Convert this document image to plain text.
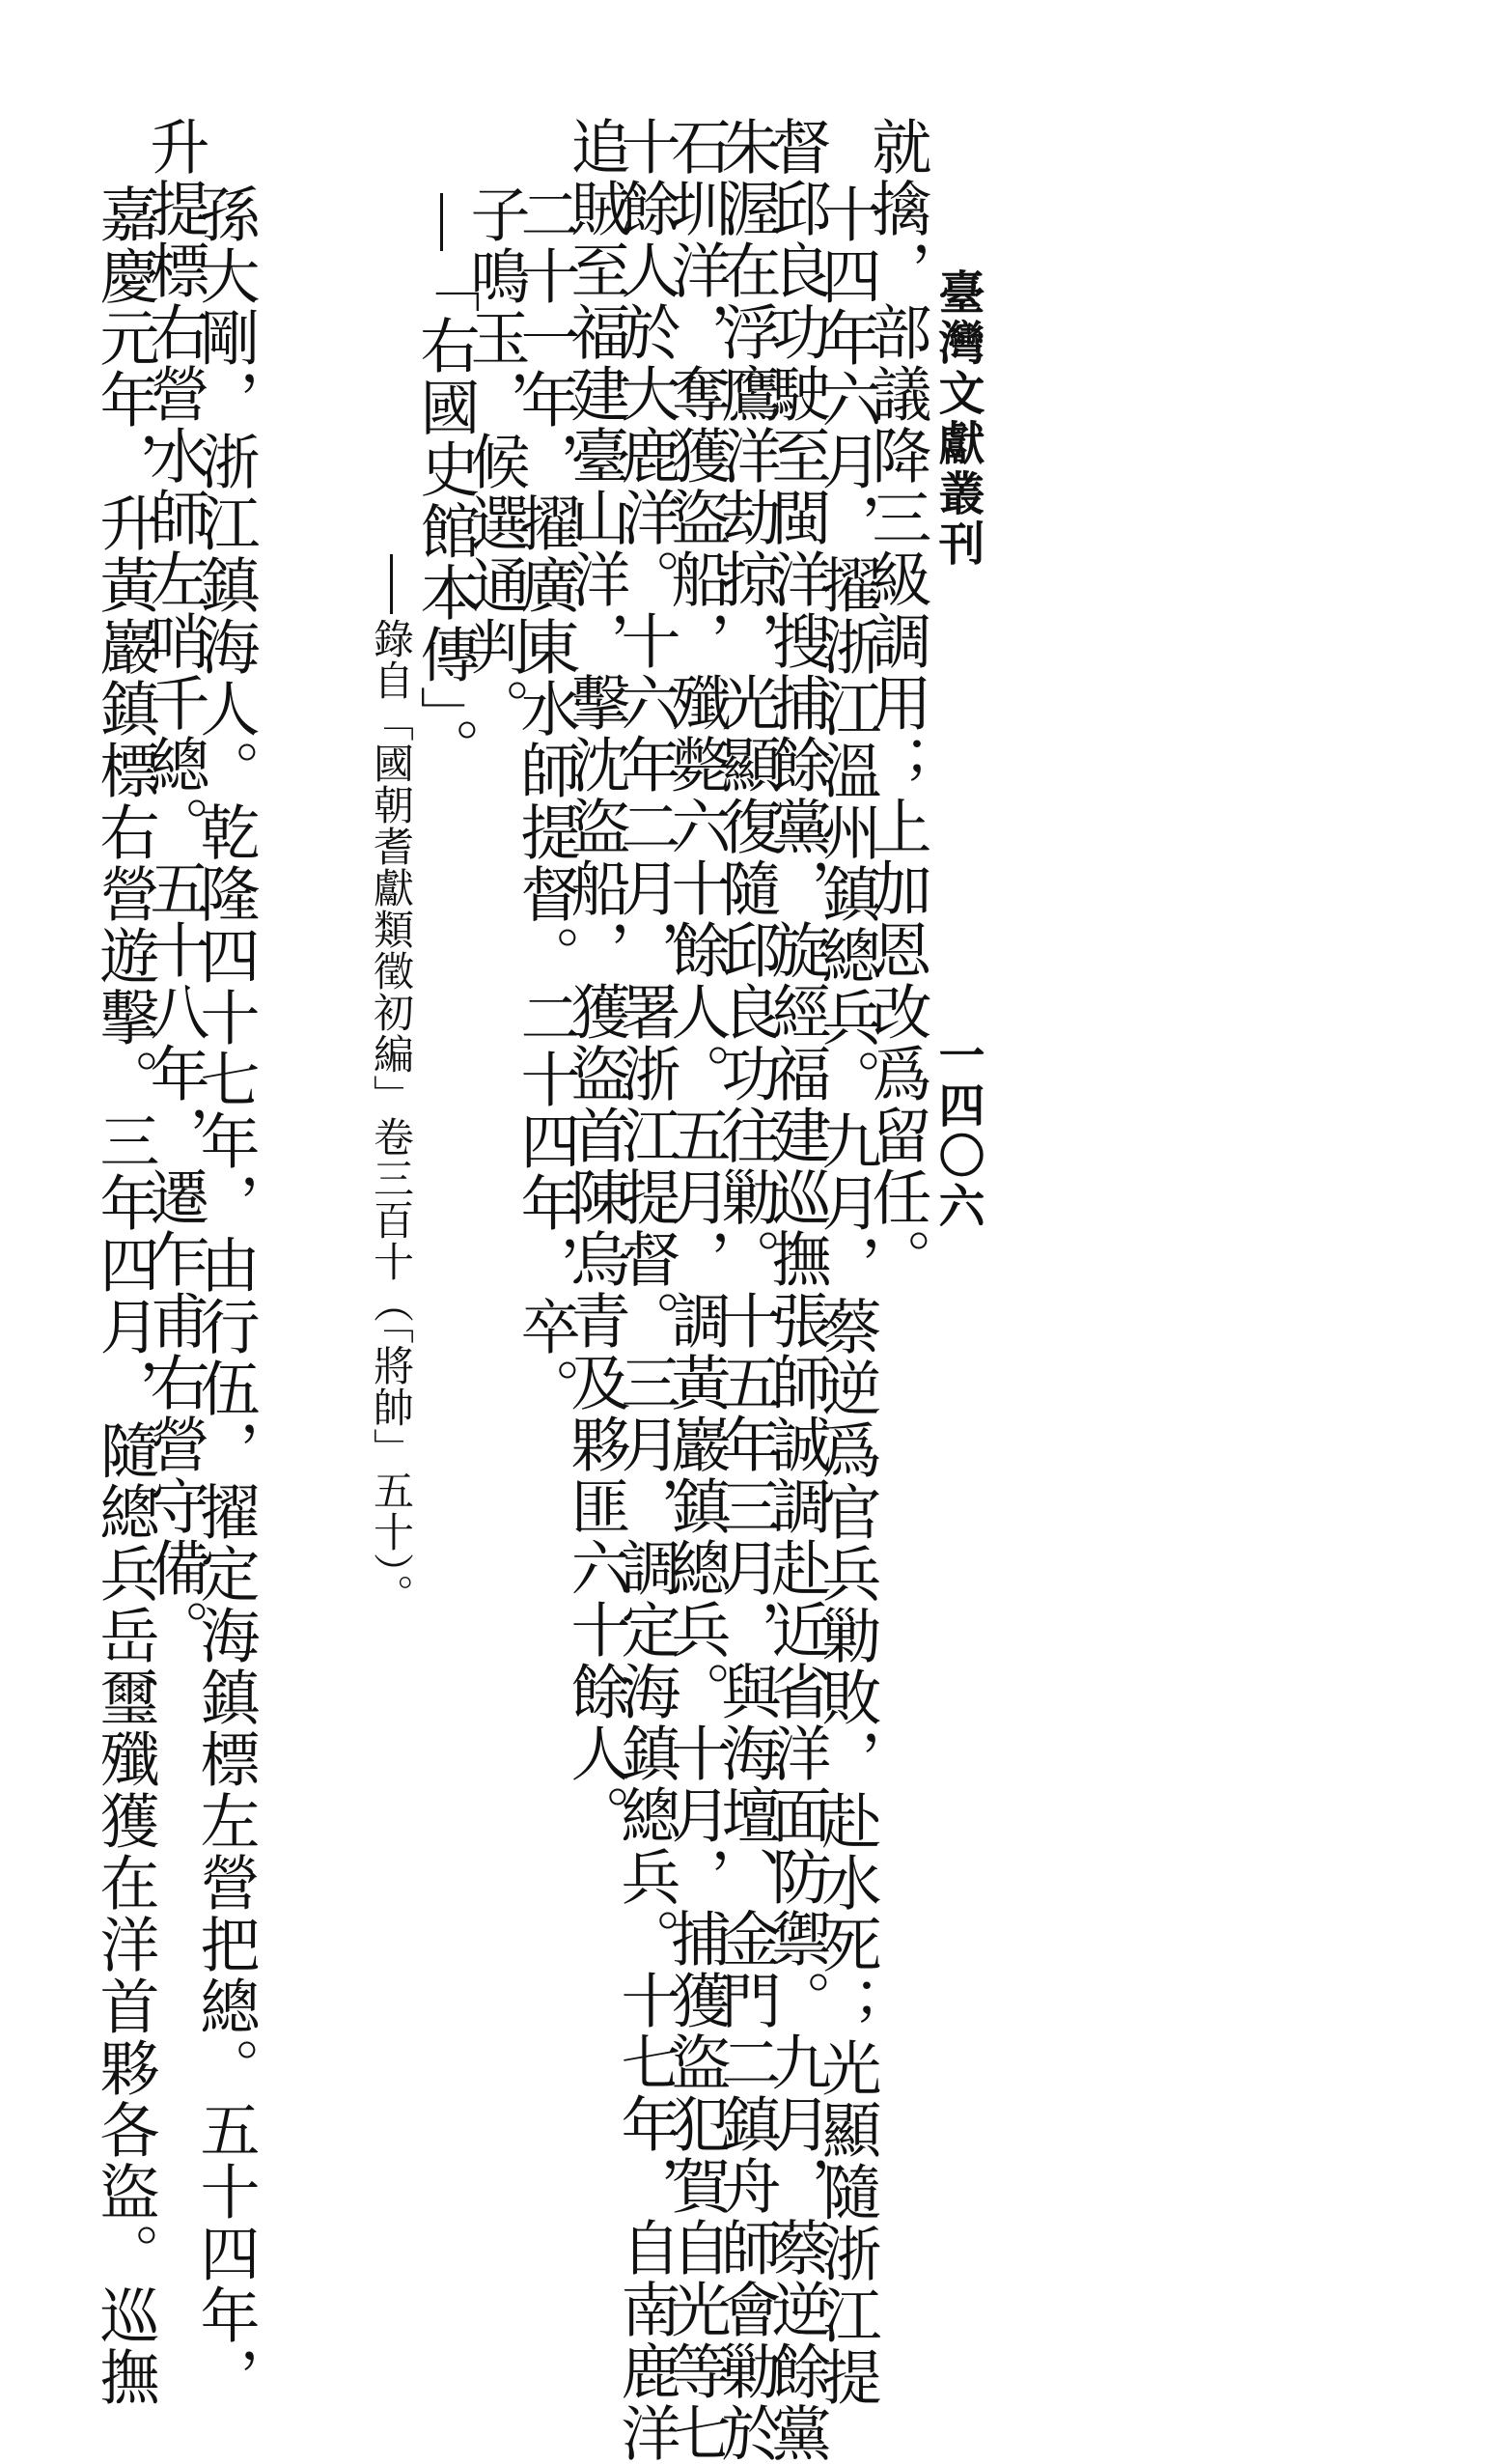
臺灣文獻叢刊
一四〇六
就擒，部議降三級調用；上加恩改爲留任。
十四年六月，擢浙江溫州鎮總兵。九月，蔡逆爲官兵勦敗，赴水死；光顯隨浙江提
督邱良功駛至閩洋搜捕餘黨，旋經福建巡撫張師誠調赴近省洋面防禦。九月，蔡逆餘黨
朱渥在浮鷹洋劫掠，光顯復隨邱良功往勦。十五年三月，與海壇、金門二鎮舟師會勦於
石圳洋，奪獲盜船，殲斃六十餘人。五月，調黃巖鎮總兵。十月，捕獲盜犯賀自光等七
十餘人於大鹿洋。十六年二月，署浙江提督。三月，調定海鎮總兵。十七年，自南鹿洋
追賊至福建臺山洋，擊沈盜船，獲盜首陳烏青及夥匪六十餘人。
二十一年，擢廣東水師提督。二十四年，卒。
子鳴玉，候選通判。
「右國史館本傳」。
錄自「國朝耆獻類徵初編」卷三百十（「將帥」五十）。
孫大剛，浙江鎮海人。乾隆四十七年，由行伍，擢定海鎮標左營把總。五十四年，
升提標右營水師左哨千總。五十八年，遷乍甫右營守備。
嘉慶元年，升黃巖鎮標右營遊擊。三年四月，隨總兵岳璽殲獲在洋首夥各盜。巡撫
